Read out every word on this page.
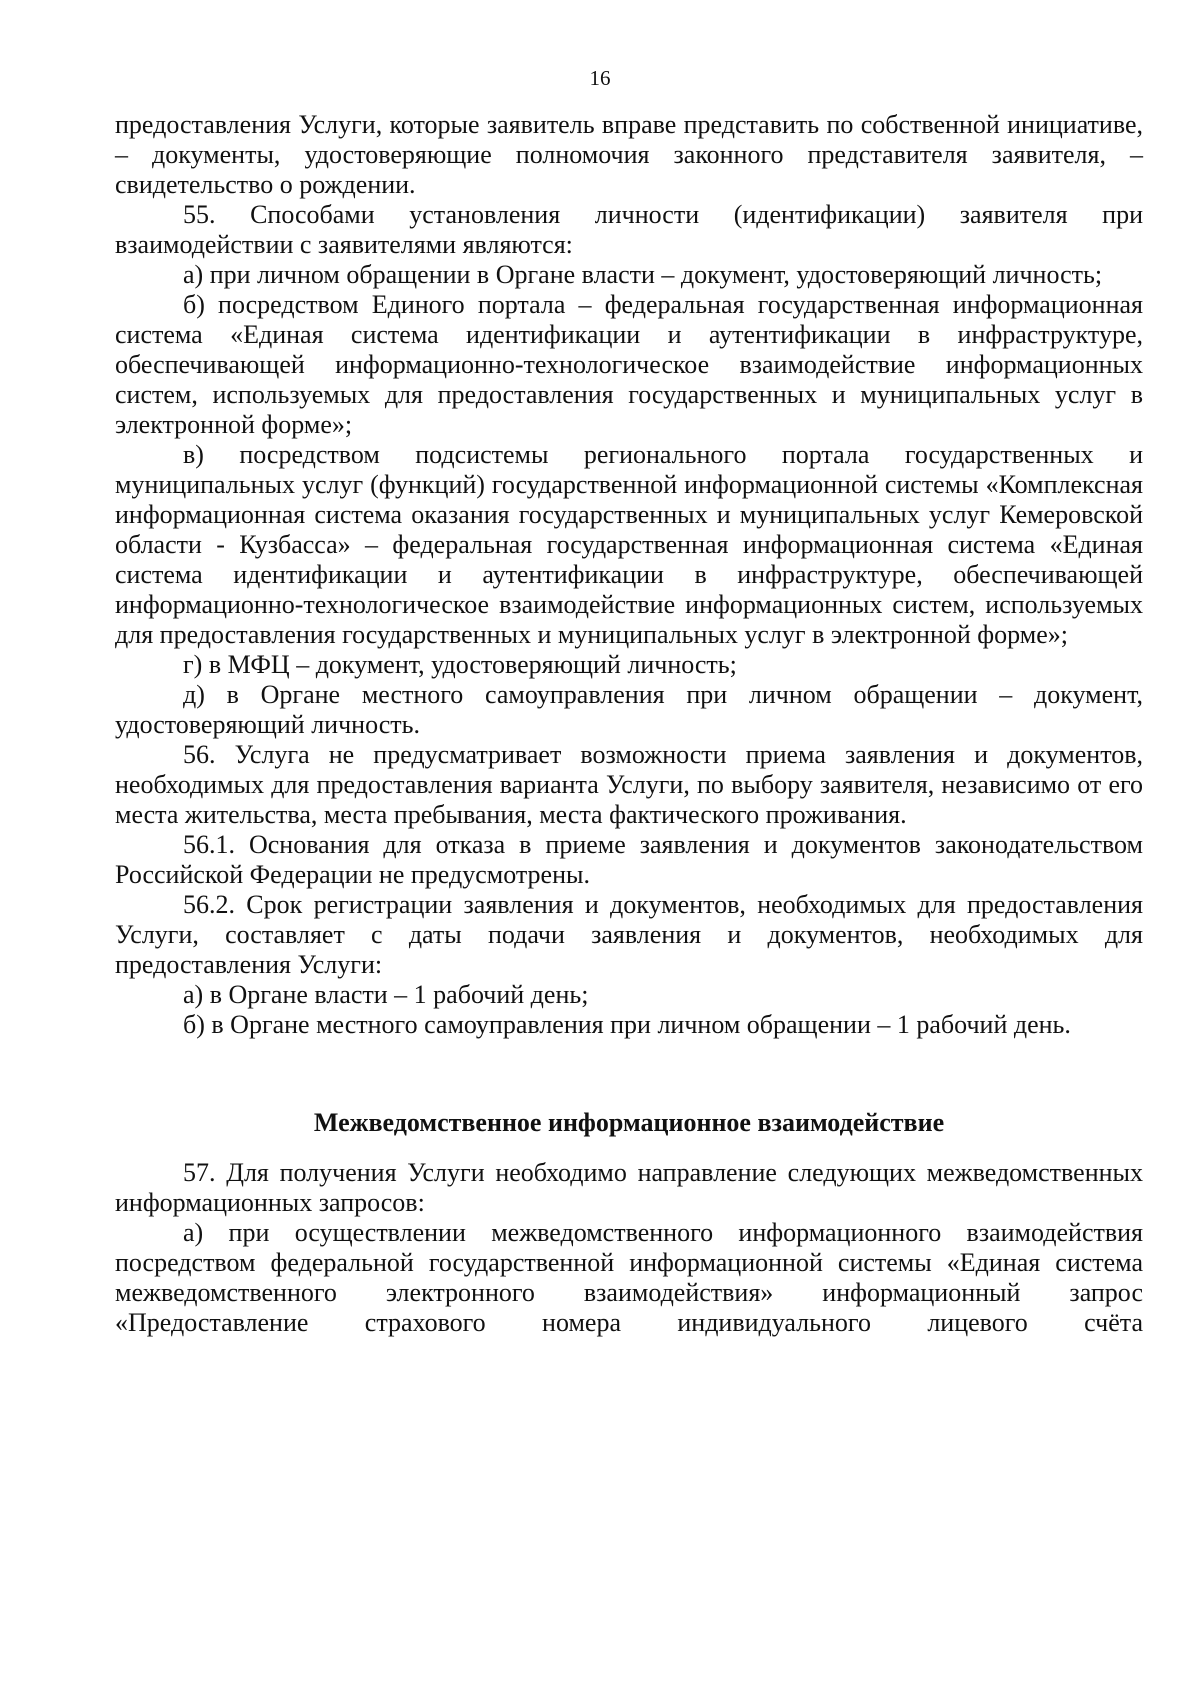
16

предоставления Услуги, которые заявитель вправе представить по собственной инициативе, – документы, удостоверяющие полномочия законного представителя заявителя, – свидетельство о рождении.

55. Способами установления личности (идентификации) заявителя при взаимодействии с заявителями являются:

а) при личном обращении в Органе власти – документ, удостоверяющий личность;

б) посредством Единого портала – федеральная государственная информационная система «Единая система идентификации и аутентификации в инфраструктуре, обеспечивающей информационно-технологическое взаимодействие информационных систем, используемых для предоставления государственных и муниципальных услуг в электронной форме»;

в) посредством подсистемы регионального портала государственных и муниципальных услуг (функций) государственной информационной системы «Комплексная информационная система оказания государственных и муниципальных услуг Кемеровской области - Кузбасса» – федеральная государственная информационная система «Единая система идентификации и аутентификации в инфраструктуре, обеспечивающей информационно-технологическое взаимодействие информационных систем, используемых для предоставления государственных и муниципальных услуг в электронной форме»;

г) в МФЦ – документ, удостоверяющий личность;

д) в Органе местного самоуправления при личном обращении – документ, удостоверяющий личность.

56. Услуга не предусматривает возможности приема заявления и документов, необходимых для предоставления варианта Услуги, по выбору заявителя, независимо от его места жительства, места пребывания, места фактического проживания.

56.1. Основания для отказа в приеме заявления и документов законодательством Российской Федерации не предусмотрены.

56.2. Срок регистрации заявления и документов, необходимых для предоставления Услуги, составляет с даты подачи заявления и документов, необходимых для предоставления Услуги:

а) в Органе власти – 1 рабочий день;

б) в Органе местного самоуправления при личном обращении – 1 рабочий день.

Межведомственное информационное взаимодействие

57. Для получения Услуги необходимо направление следующих межведомственных информационных запросов:

а) при осуществлении межведомственного информационного взаимодействия посредством федеральной государственной информационной системы «Единая система межведомственного электронного взаимодействия» информационный запрос «Предоставление страхового номера индивидуального лицевого счёта
